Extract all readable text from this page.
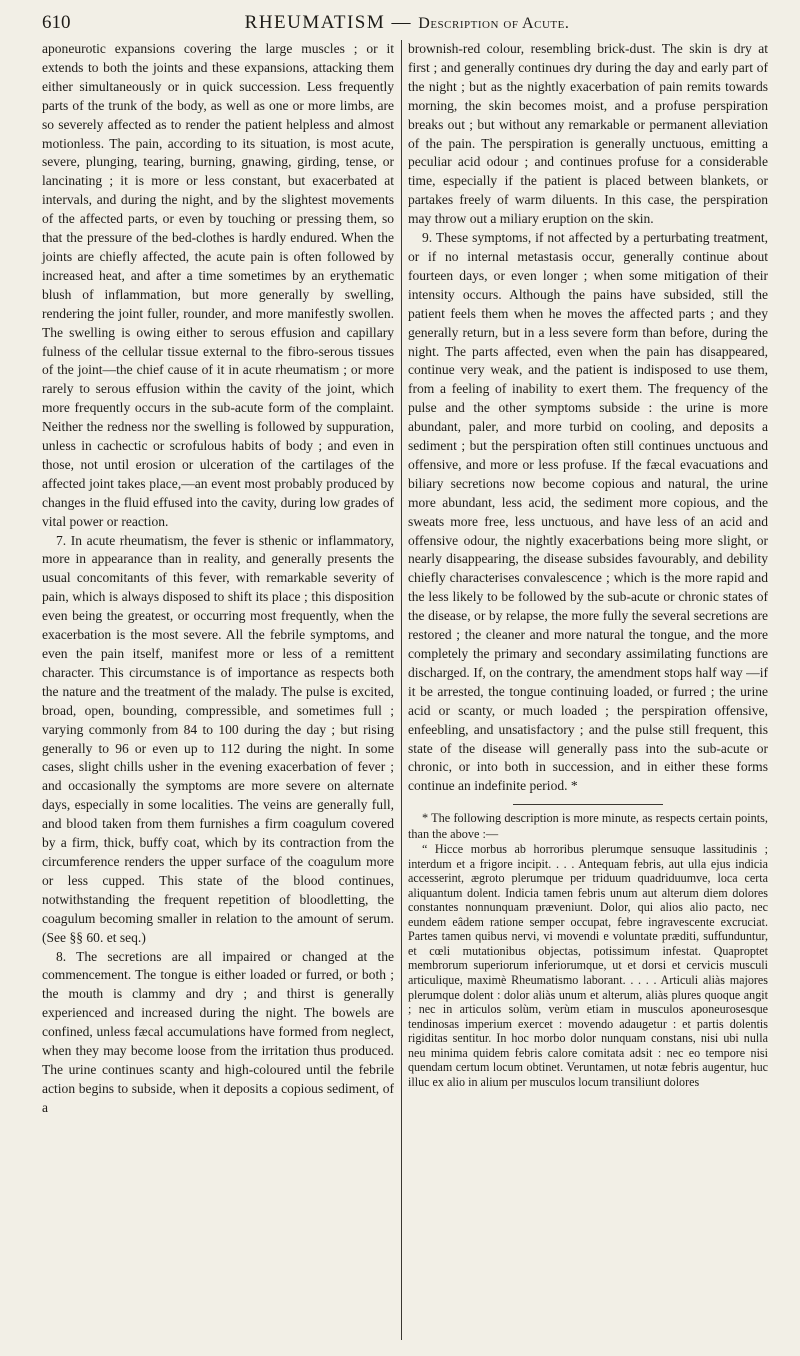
610	RHEUMATISM — Description of Acute.

aponeurotic expansions covering the large muscles ; or it extends to both the joints and these expansions, attacking them either simultaneously or in quick succession. Less frequently parts of the trunk of the body, as well as one or more limbs, are so severely affected as to render the patient helpless and almost motionless. The pain, according to its situation, is most acute, severe, plunging, tearing, burning, gnawing, girding, tense, or lancinating ; it is more or less constant, but exacerbated at intervals, and during the night, and by the slightest movements of the affected parts, or even by touching or pressing them, so that the pressure of the bed-clothes is hardly endured. When the joints are chiefly affected, the acute pain is often followed by increased heat, and after a time sometimes by an erythematic blush of inflammation, but more generally by swelling, rendering the joint fuller, rounder, and more manifestly swollen. The swelling is owing either to serous effusion and capillary fulness of the cellular tissue external to the fibro-serous tissues of the joint—the chief cause of it in acute rheumatism ; or more rarely to serous effusion within the cavity of the joint, which more frequently occurs in the sub-acute form of the complaint. Neither the redness nor the swelling is followed by suppuration, unless in cachectic or scrofulous habits of body ; and even in those, not until erosion or ulceration of the cartilages of the affected joint takes place,—an event most probably produced by changes in the fluid effused into the cavity, during low grades of vital power or reaction.

7. In acute rheumatism, the fever is sthenic or inflammatory, more in appearance than in reality, and generally presents the usual concomitants of this fever, with remarkable severity of pain, which is always disposed to shift its place ; this disposition even being the greatest, or occurring most frequently, when the exacerbation is the most severe. All the febrile symptoms, and even the pain itself, manifest more or less of a remittent character. This circumstance is of importance as respects both the nature and the treatment of the malady. The pulse is excited, broad, open, bounding, compressible, and sometimes full ; varying commonly from 84 to 100 during the day ; but rising generally to 96 or even up to 112 during the night. In some cases, slight chills usher in the evening exacerbation of fever ; and occasionally the symptoms are more severe on alternate days, especially in some localities. The veins are generally full, and blood taken from them furnishes a firm coagulum covered by a firm, thick, buffy coat, which by its contraction from the circumference renders the upper surface of the coagulum more or less cupped. This state of the blood continues, notwithstanding the frequent repetition of bloodletting, the coagulum becoming smaller in relation to the amount of serum. (See §§ 60. et seq.)

8. The secretions are all impaired or changed at the commencement. The tongue is either loaded or furred, or both ; the mouth is clammy and dry ; and thirst is generally experienced and increased during the night. The bowels are confined, unless fæcal accumulations have formed from neglect, when they may become loose from the irritation thus produced. The urine continues scanty and high-coloured until the febrile action begins to subside, when it deposits a copious sediment, of a

brownish-red colour, resembling brick-dust. The skin is dry at first ; and generally continues dry during the day and early part of the night ; but as the nightly exacerbation of pain remits towards morning, the skin becomes moist, and a profuse perspiration breaks out ; but without any remarkable or permanent alleviation of the pain. The perspiration is generally unctuous, emitting a peculiar acid odour ; and continues profuse for a considerable time, especially if the patient is placed between blankets, or partakes freely of warm diluents. In this case, the perspiration may throw out a miliary eruption on the skin.

9. These symptoms, if not affected by a perturbating treatment, or if no internal metastasis occur, generally continue about fourteen days, or even longer ; when some mitigation of their intensity occurs. Although the pains have subsided, still the patient feels them when he moves the affected parts ; and they generally return, but in a less severe form than before, during the night. The parts affected, even when the pain has disappeared, continue very weak, and the patient is indisposed to use them, from a feeling of inability to exert them. The frequency of the pulse and the other symptoms subside : the urine is more abundant, paler, and more turbid on cooling, and deposits a sediment ; but the perspiration often still continues unctuous and offensive, and more or less profuse. If the fæcal evacuations and biliary secretions now become copious and natural, the urine more abundant, less acid, the sediment more copious, and the sweats more free, less unctuous, and have less of an acid and offensive odour, the nightly exacerbations being more slight, or nearly disappearing, the disease subsides favourably, and debility chiefly characterises convalescence ; which is the more rapid and the less likely to be followed by the sub-acute or chronic states of the disease, or by relapse, the more fully the several secretions are restored ; the cleaner and more natural the tongue, and the more completely the primary and secondary assimilating functions are discharged. If, on the contrary, the amendment stops half way —if it be arrested, the tongue continuing loaded, or furred ; the urine acid or scanty, or much loaded ; the perspiration offensive, enfeebling, and unsatisfactory ; and the pulse still frequent, this state of the disease will generally pass into the sub-acute or chronic, or into both in succession, and in either these forms continue an indefinite period. *

* The following description is more minute, as respects certain points, than the above :—

“ Hicce morbus ab horroribus plerumque sensuque lassitudinis ; interdum et a frigore incipit. . . . Antequam febris, aut ulla ejus indicia accesserint, ægroto plerumque per triduum quadriduumve, loca certa aliquantum dolent. Indicia tamen febris unum aut alterum diem dolores constantes nonnunquam præveniunt. Dolor, qui alios alio pacto, nec eundem eâdem ratione semper occupat, febre ingravescente excruciat. Partes tamen quibus nervi, vi movendi e voluntate præditi, suffunduntur, et cœli mutationibus objectas, potissimum infestat. Quaproptet membrorum superiorum inferiorumque, ut et dorsi et cervicis musculi articulique, maximè Rheumatismo laborant. . . . . Articuli aliàs majores plerumque dolent : dolor aliàs unum et alterum, aliàs plures quoque angit ; nec in articulos solùm, verùm etiam in musculos aponeurosesque tendinosas imperium exercet : movendo adaugetur : et partis dolentis rigiditas sentitur. In hoc morbo dolor nunquam constans, nisi ubi nulla neu minima quidem febris calore comitata adsit : nec eo tempore nisi quendam certum locum obtinet. Veruntamen, ut notæ febris augentur, huc illuc ex alio in alium per musculos locum transiliunt dolores
